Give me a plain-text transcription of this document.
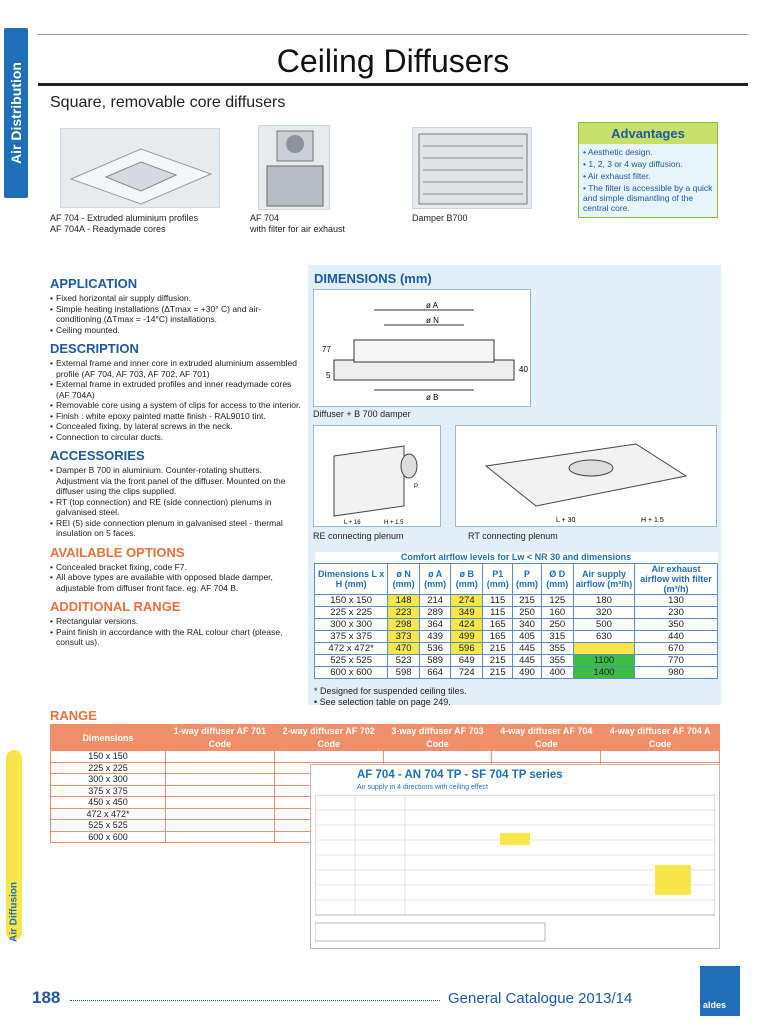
Air Distribution
Air Diffusion
Ceiling Diffusers
Square, removable core diffusers
AF 704 - Extruded aluminium profiles
AF 704A - Readymade cores
AF 704
with filter for air exhaust
Damper B700
Advantages
• Aesthetic design.
• 1, 2, 3 or 4 way diffusion.
• Air exhaust filter.
• The filter is accessible by a quick and simple dismantling of the central core.
APPLICATION
• Fixed horizontal air supply diffusion.
• Simple heating installations (ΔTmax = +30° C) and air-conditioning (ΔTmax = -14°C) installations.
• Ceiling mounted.
DESCRIPTION
• External frame and inner core in extruded aluminium assembled profile (AF 704, AF 703, AF 702, AF 701)
• External frame in extruded profiles and inner readymade cores (AF 704A)
• Removable core using a system of clips for access to the interior.
• Finish : white epoxy painted matte finish - RAL9010 tint.
• Concealed fixing, by lateral screws in the neck.
• Connection to circular ducts.
ACCESSORIES
• Damper B 700 in aluminium. Counter-rotating shutters. Adjustment via the front panel of the diffuser. Mounted on the diffuser using the clips supplied.
• RT (top connection) and RE (side connection) plenums in galvanised steel.
• REI (5) side connection plenum in galvanised steel - thermal insulation on 5 faces.
AVAILABLE OPTIONS
• Concealed bracket fixing, code F7.
• All above types are available with opposed blade damper, adjustable from diffuser front face. eg. AF 704 B.
ADDITIONAL RANGE
• Rectangular versions.
• Paint finish in accordance with the RAL colour chart (please, consult us).
DIMENSIONS (mm)
ø A
ø N
ø B
77
40
5
Diffuser + B 700 damper
L + 16	H + 1.5
P
L + 30	H + 1.5
RE connecting plenum	RT connecting plenum
Comfort airflow levels for Lw < NR 30 and dimensions								
Dimensions L x H (mm)	ø N (mm)	ø A (mm)	ø B (mm)	P1 (mm)	P (mm)	Ø D (mm)	Air supply airflow (m³/h)	Air exhaust airflow with filter (m³/h)
150 x 150	148	214	274	115	215	125	180	130
225 x 225	223	289	349	115	250	160	320	230
300 x 300	298	364	424	165	340	250	500	350
375 x 375	373	439	499	165	405	315	630	440
472 x 472*	470	536	596	215	445	355		670
525 x 525	523	589	649	215	445	355	1100	770
600 x 600	598	664	724	215	490	400	1400	980
* Designed for suspended ceiling tiles.
• See selection table on page 249.
RANGE
Dimensions	1-way diffuser AF 701	2-way diffuser AF 702	3-way diffuser AF 703	4-way diffuser AF 704	4-way diffuser AF 704 A
	Code	Code	Code	Code	Code
150 x 150					
225 x 225					
300 x 300					
375 x 375					
450 x 450					
472 x 472*					
525 x 525					
600 x 600					
AF 704 - AN 704 TP - SF 704 TP series
Air supply in 4 directions with ceiling effect
188	General Catalogue 2013/14	aldes
